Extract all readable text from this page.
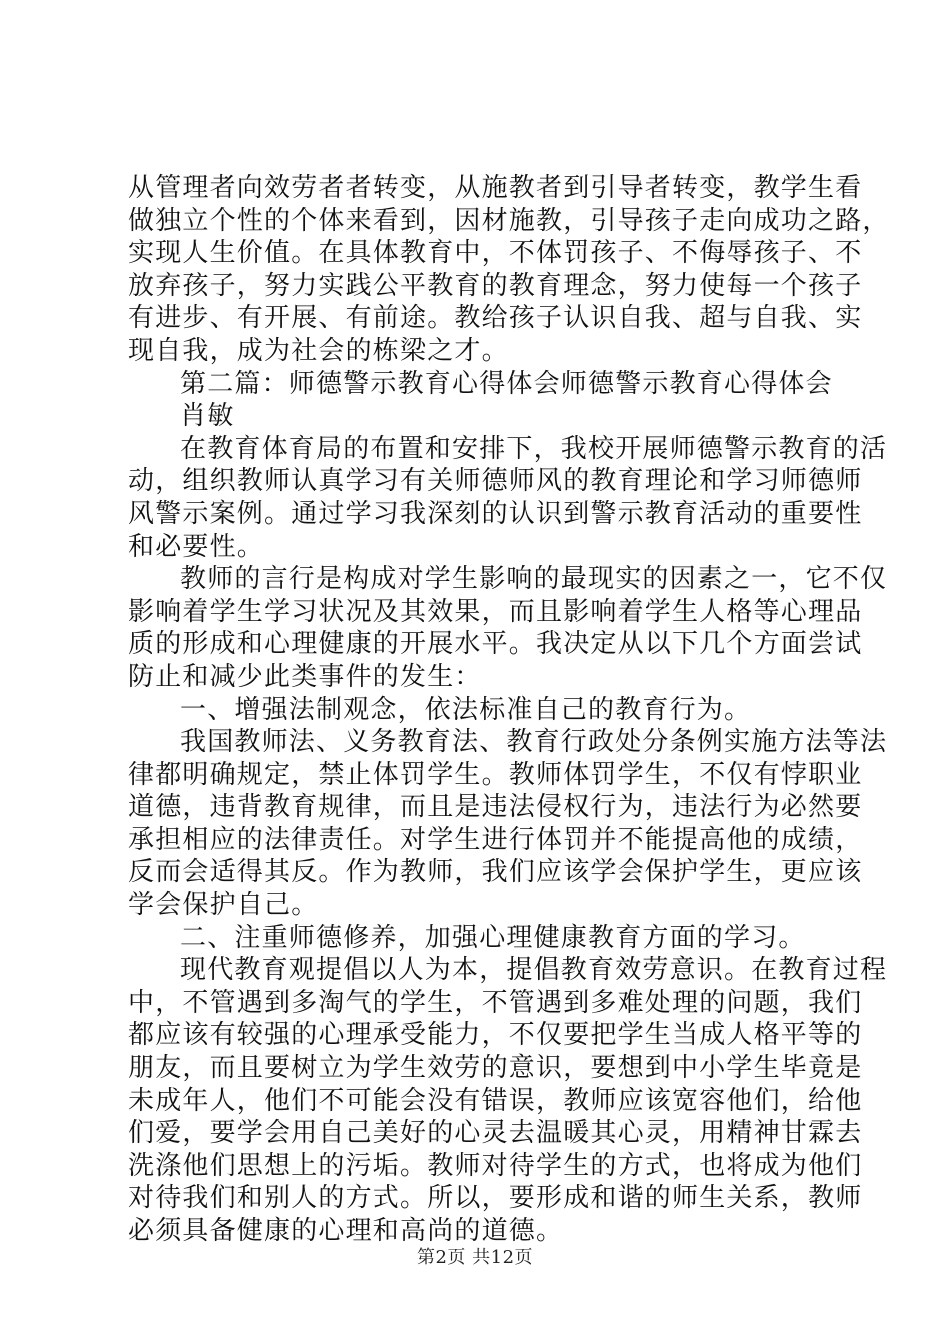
从管理者向效劳者者转变，从施教者到引导者转变，教学生看
做独立个性的个体来看到，因材施教，引导孩子走向成功之路，
实现人生价值。在具体教育中，不体罚孩子、不侮辱孩子、不
放弃孩子，努力实践公平教育的教育理念，努力使每一个孩子
有进步、有开展、有前途。教给孩子认识自我、超与自我、实
现自我，成为社会的栋梁之才。
第二篇：师德警示教育心得体会师德警示教育心得体会
肖敏
在教育体育局的布置和安排下，我校开展师德警示教育的活
动，组织教师认真学习有关师德师风的教育理论和学习师德师
风警示案例。通过学习我深刻的认识到警示教育活动的重要性
和必要性。
教师的言行是构成对学生影响的最现实的因素之一，它不仅
影响着学生学习状况及其效果，而且影响着学生人格等心理品
质的形成和心理健康的开展水平。我决定从以下几个方面尝试
防止和减少此类事件的发生：
一、增强法制观念，依法标准自己的教育行为。
我国教师法、义务教育法、教育行政处分条例实施方法等法
律都明确规定，禁止体罚学生。教师体罚学生，不仅有悖职业
道德，违背教育规律，而且是违法侵权行为，违法行为必然要
承担相应的法律责任。对学生进行体罚并不能提高他的成绩，
反而会适得其反。作为教师，我们应该学会保护学生，更应该
学会保护自己。
二、注重师德修养，加强心理健康教育方面的学习。
现代教育观提倡以人为本，提倡教育效劳意识。在教育过程
中，不管遇到多淘气的学生，不管遇到多难处理的问题，我们
都应该有较强的心理承受能力，不仅要把学生当成人格平等的
朋友，而且要树立为学生效劳的意识，要想到中小学生毕竟是
未成年人，他们不可能会没有错误，教师应该宽容他们，给他
们爱，要学会用自己美好的心灵去温暖其心灵，用精神甘霖去
洗涤他们思想上的污垢。教师对待学生的方式，也将成为他们
对待我们和别人的方式。所以，要形成和谐的师生关系，教师
必须具备健康的心理和高尚的道德。
第2页 共12页
